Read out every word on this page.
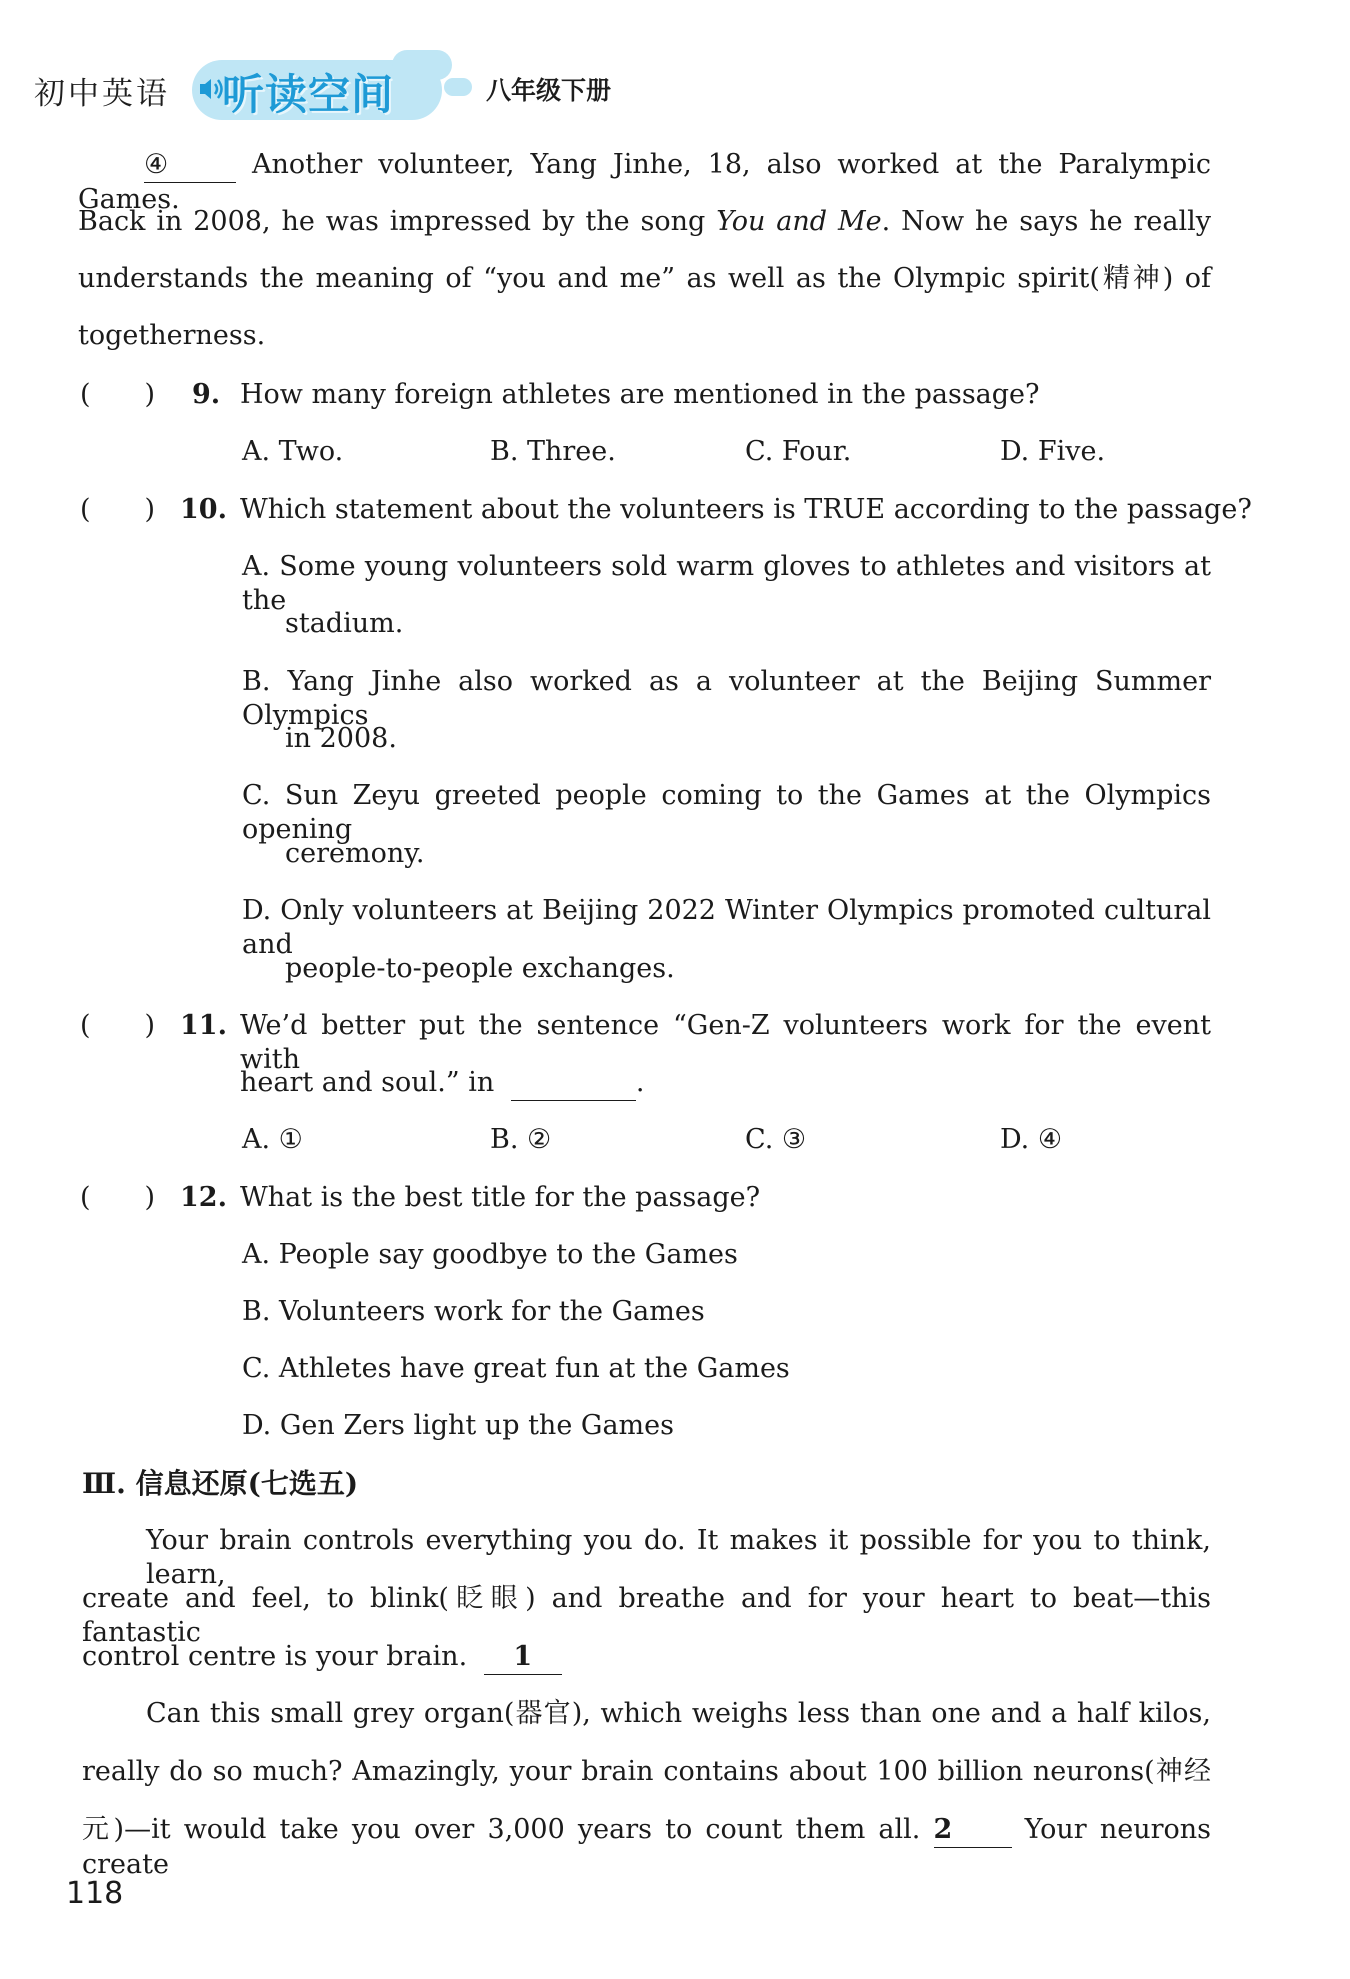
初中英语 听读空间	八年级下册
④	Another volunteer, Yang Jinhe, 18, also worked at the Paralympic Games.
Back in 2008, he was impressed by the song You and Me. Now he says he really
understands the meaning of “you and me” as well as the Olympic spirit(精神) of
togetherness.
(　　) 9. How many foreign athletes are mentioned in the passage?
A. Two.	B. Three.	C. Four.	D. Five.
(　　) 10. Which statement about the volunteers is TRUE according to the passage?
A. Some young volunteers sold warm gloves to athletes and visitors at the
stadium.
B. Yang Jinhe also worked as a volunteer at the Beijing Summer Olympics
in 2008.
C. Sun Zeyu greeted people coming to the Games at the Olympics opening
ceremony.
D. Only volunteers at Beijing 2022 Winter Olympics promoted cultural and
people-to-people exchanges.
(　　) 11. We’d better put the sentence “Gen-Z volunteers work for the event with
heart and soul.” in	.
A. ①	B. ②	C. ③	D. ④
(　　) 12. What is the best title for the passage?
A. People say goodbye to the Games
B. Volunteers work for the Games
C. Athletes have great fun at the Games
D. Gen Zers light up the Games
Ⅲ. 信息还原(七选五)
Your brain controls everything you do. It makes it possible for you to think, learn,
create and feel, to blink(眨眼) and breathe and for your heart to beat—this fantastic
control centre is your brain. 1
Can this small grey organ(器官), which weighs less than one and a half kilos,
really do so much? Amazingly, your brain contains about 100 billion neurons(神经
元)—it would take you over 3,000 years to count them all. 2	Your neurons create
118
